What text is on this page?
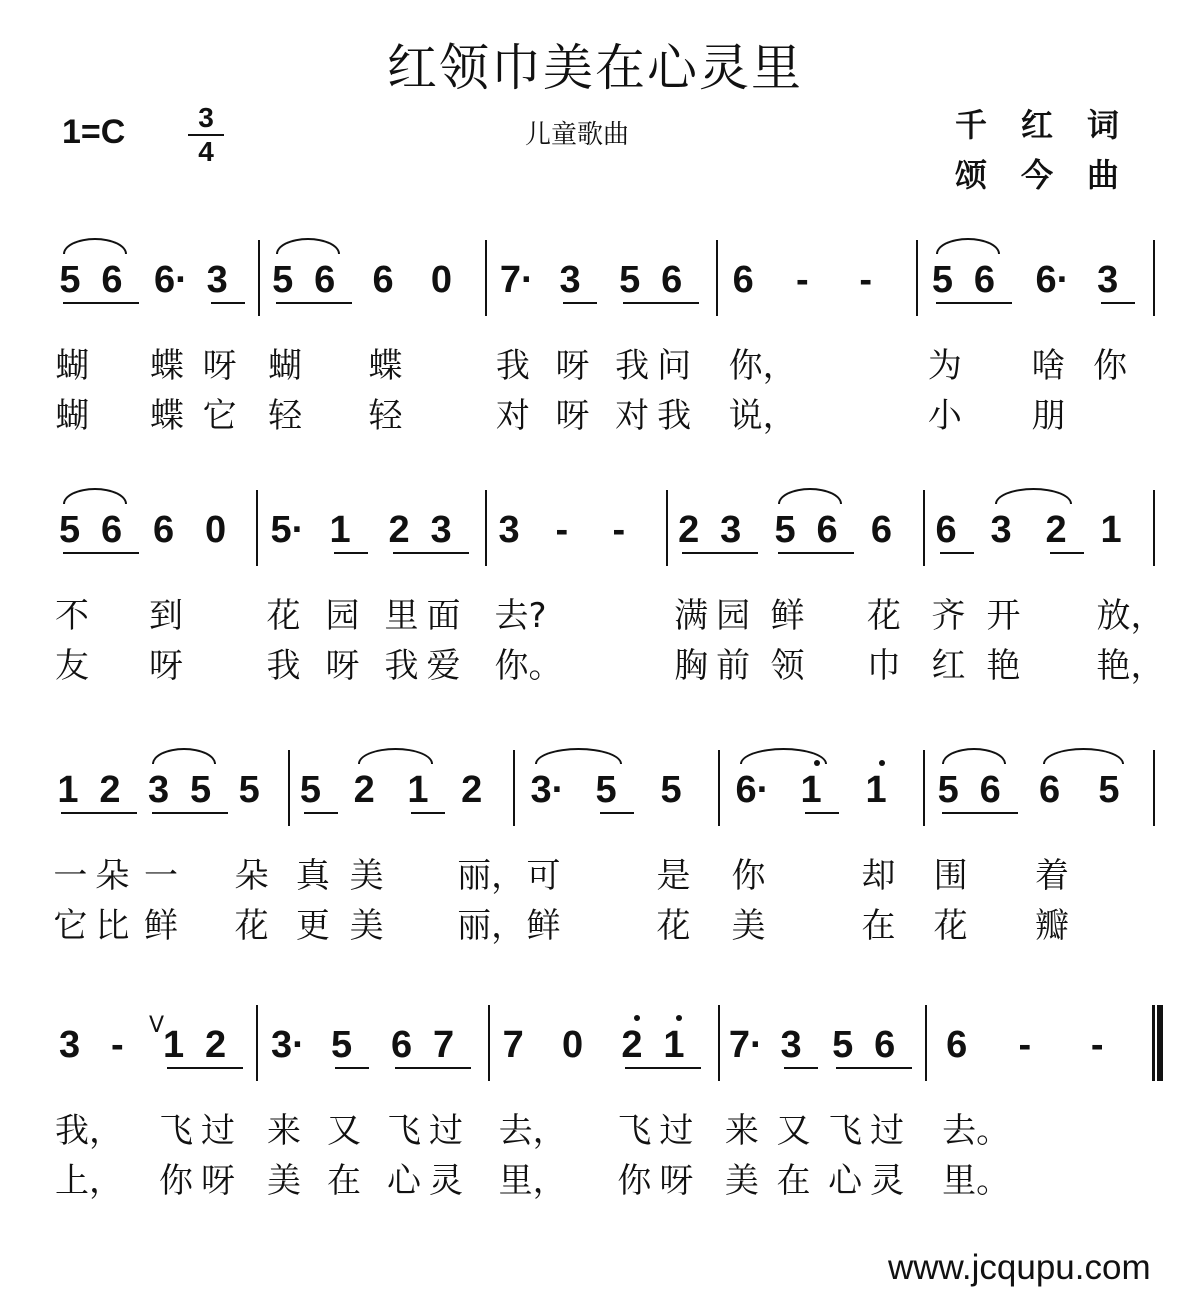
红领巾美在心灵里
1=C	3
4
儿童歌曲	千红词
颂今曲
5
蝴
蝴
6 6·
蝶
蝶
3
呀
它
5
蝴
轻
6 6
蝶
轻
0 7·
我
对
3
呀
呀
5
我
对
6
问
我
6
你，
说，
- - 5
为
小
6 6·
啥
朋
3
你
5
不
友
6 6
到
呀
0 5·
花
我
1
园
呀
2
里
我
3
面
爱
3
去?
你。
- - 2
满
胸
3
园
前
5
鲜
领
6 6
花
巾
6
齐
红
3
开
艳
2 1
放，
艳，
1
一
它
2
朵
比
3
一
鲜
5 5
朵
花
5
真
更
2
美
美
1 2
丽，
丽，
3·
可
鲜
5 5
是
花
6·
你
美
1 1
却
在
5
围
花
6 6
着
瓣
5
3
我，
上，
- V
1
飞
你
2
过
呀
3·
来
美
5
又
在
6
飞
心
7
过
灵
7
去，
里，
0 2
飞
你
1
过
呀
7·
来
美
3
又
在
5
飞
心
6
过
灵
6
去。
里。
- -
www.jcqupu.com
